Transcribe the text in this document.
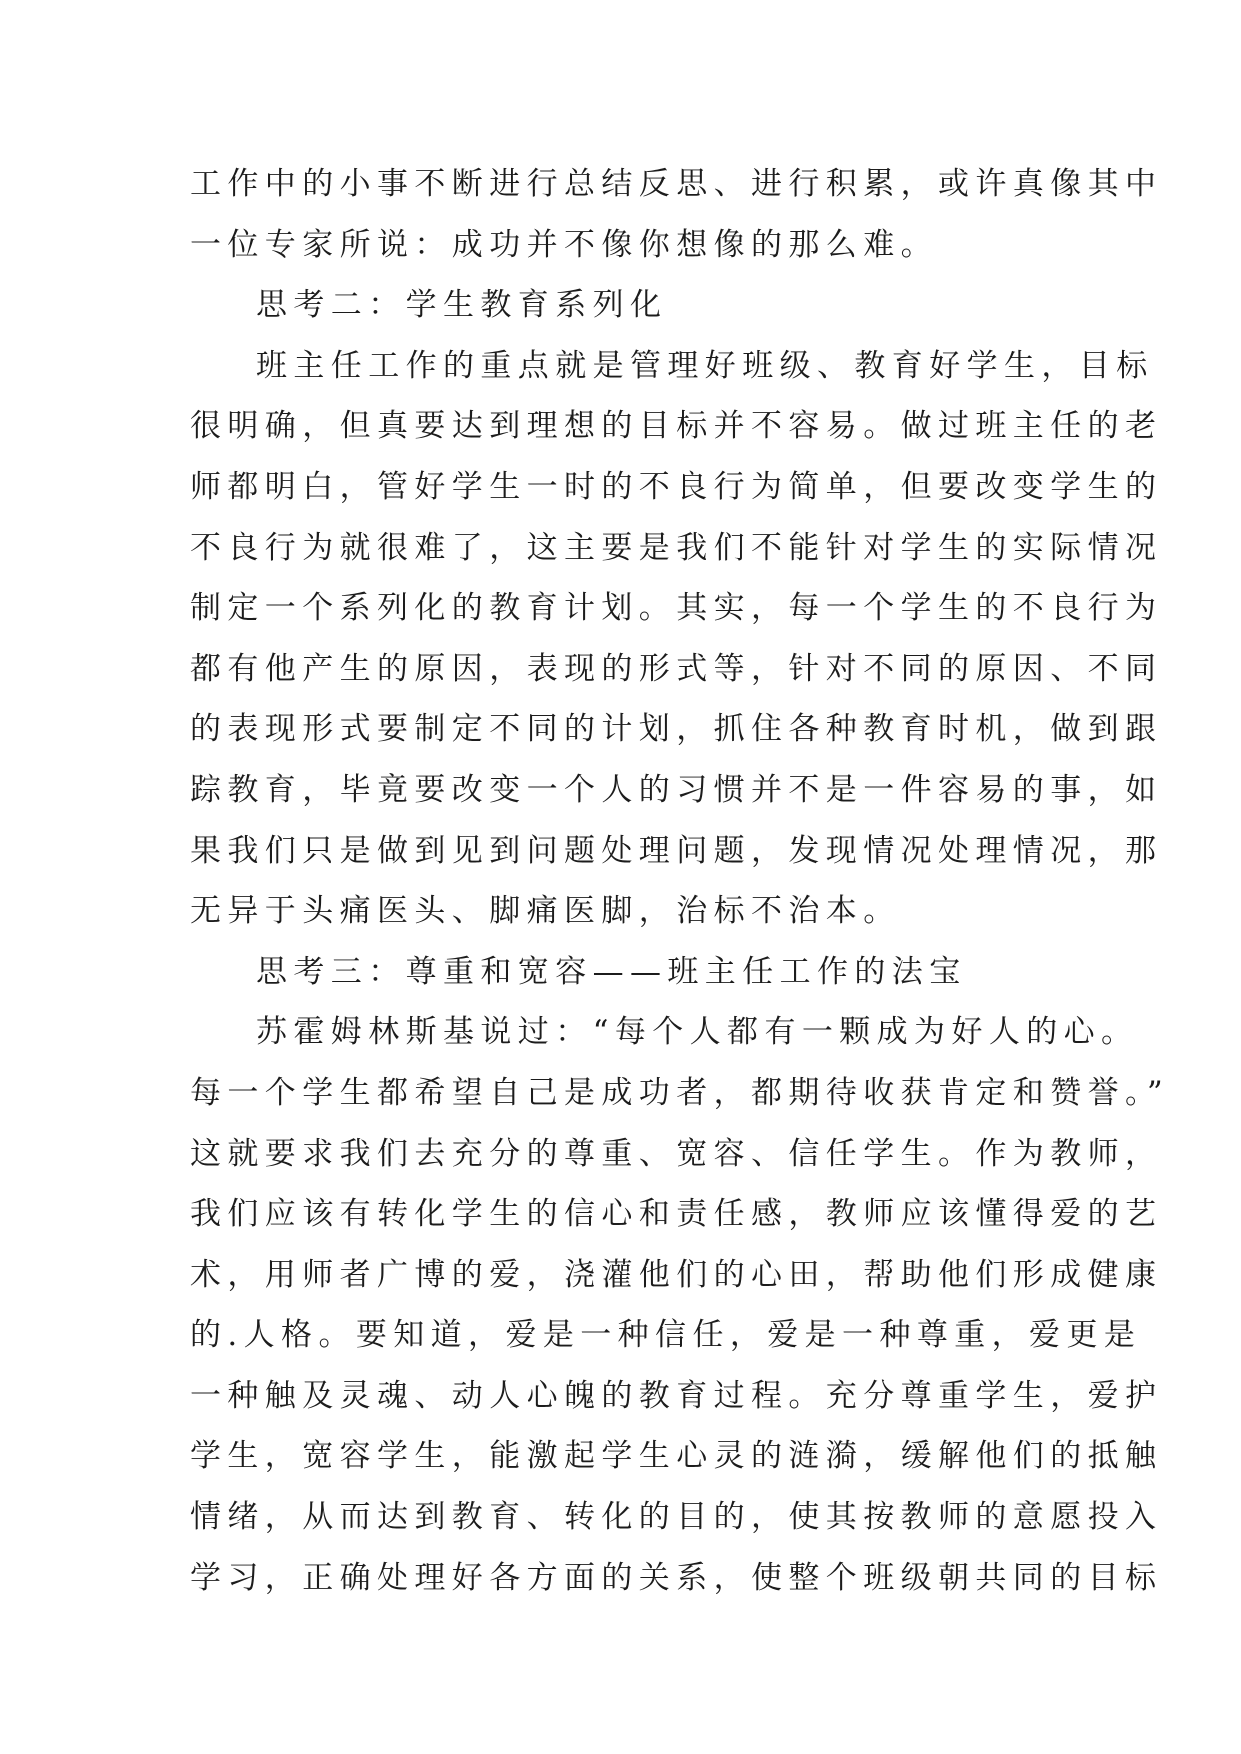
工作中的小事不断进行总结反思、进行积累，或许真像其中
一位专家所说：成功并不像你想像的那么难。
思考二：学生教育系列化
班主任工作的重点就是管理好班级、教育好学生，目标
很明确，但真要达到理想的目标并不容易。做过班主任的老
师都明白，管好学生一时的不良行为简单，但要改变学生的
不良行为就很难了，这主要是我们不能针对学生的实际情况
制定一个系列化的教育计划。其实，每一个学生的不良行为
都有他产生的原因，表现的形式等，针对不同的原因、不同
的表现形式要制定不同的计划，抓住各种教育时机，做到跟
踪教育，毕竟要改变一个人的习惯并不是一件容易的事，如
果我们只是做到见到问题处理问题，发现情况处理情况，那
无异于头痛医头、脚痛医脚，治标不治本。
思考三：尊重和宽容——班主任工作的法宝
苏霍姆林斯基说过：“每个人都有一颗成为好人的心。
每一个学生都希望自己是成功者，都期待收获肯定和赞誉。”
这就要求我们去充分的尊重、宽容、信任学生。作为教师，
我们应该有转化学生的信心和责任感，教师应该懂得爱的艺
术，用师者广博的爱，浇灌他们的心田，帮助他们形成健康
的.人格。要知道，爱是一种信任，爱是一种尊重，爱更是
一种触及灵魂、动人心魄的教育过程。充分尊重学生，爱护
学生，宽容学生，能激起学生心灵的涟漪，缓解他们的抵触
情绪，从而达到教育、转化的目的，使其按教师的意愿投入
学习，正确处理好各方面的关系，使整个班级朝共同的目标
